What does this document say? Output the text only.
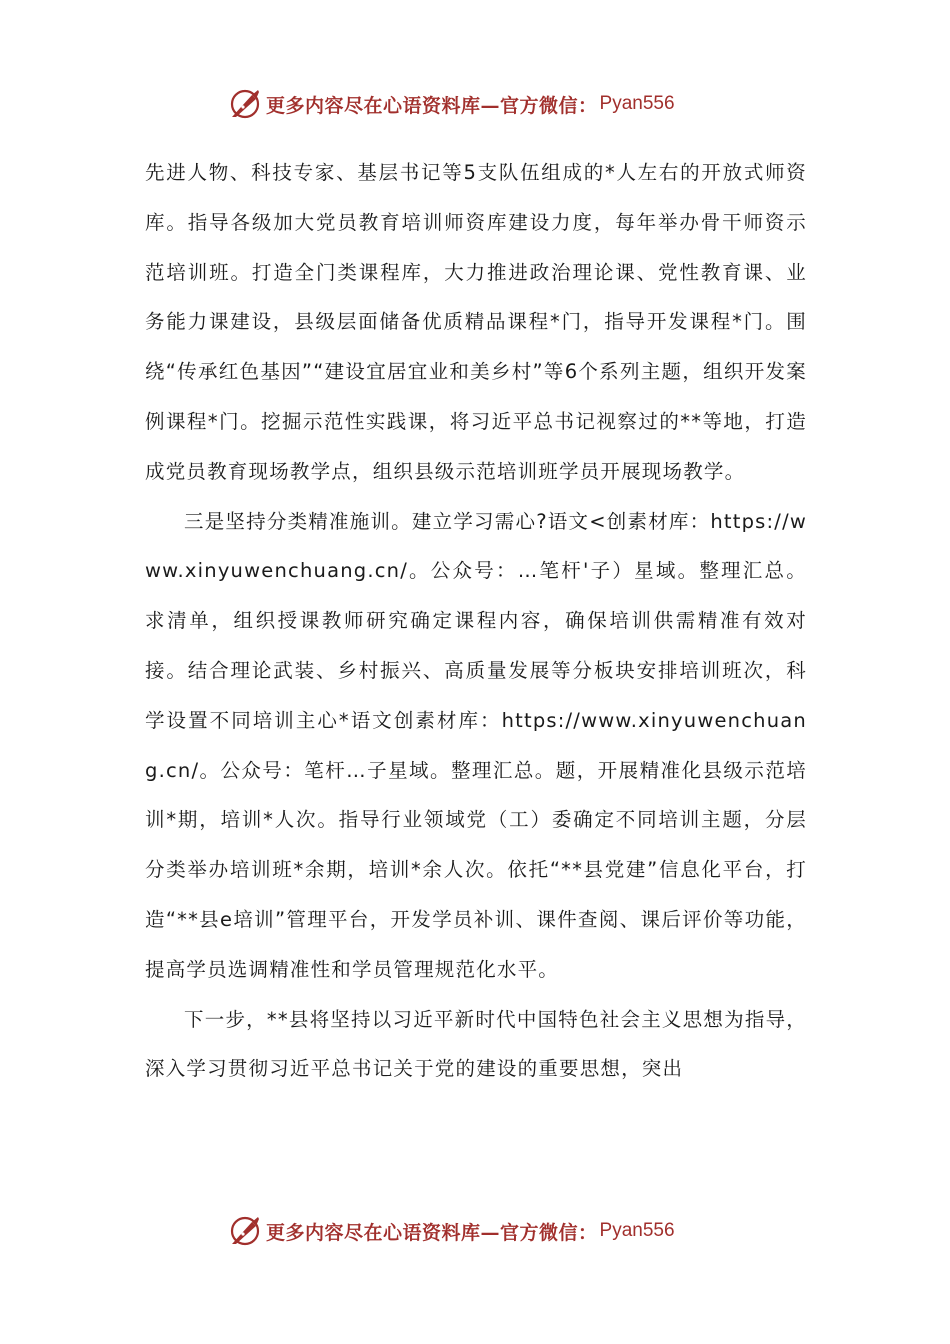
更多内容尽在心语资料库—官方微信： Pyan556

先进人物、科技专家、基层书记等5支队伍组成的*人左右的开放式师资库。指导各级加大党员教育培训师资库建设力度，每年举办骨干师资示范培训班。打造全门类课程库，大力推进政治理论课、党性教育课、业务能力课建设，县级层面储备优质精品课程*门，指导开发课程*门。围绕“传承红色基因”“建设宜居宜业和美乡村”等6个系列主题，组织开发案例课程*门。挖掘示范性实践课，将习近平总书记视察过的**等地，打造成党员教育现场教学点，组织县级示范培训班学员开展现场教学。

三是坚持分类精准施训。建立学习需心?语文<创素材库：https://www.xinyuwenchuang.cn/。公众号：…笔杆'子）星域。整理汇总。求清单，组织授课教师研究确定课程内容，确保培训供需精准有效对接。结合理论武装、乡村振兴、高质量发展等分板块安排培训班次，科学设置不同培训主心*语文创素材库：https://www.xinyuwenchuang.cn/。公众号：笔杆…子星域。整理汇总。题，开展精准化县级示范培训*期，培训*人次。指导行业领域党（工）委确定不同培训主题，分层分类举办培训班*余期，培训*余人次。依托“**县党建”信息化平台，打造“**县e培训”管理平台，开发学员补训、课件查阅、课后评价等功能，提高学员选调精准性和学员管理规范化水平。

下一步，**县将坚持以习近平新时代中国特色社会主义思想为指导，深入学习贯彻习近平总书记关于党的建设的重要思想，突出

更多内容尽在心语资料库—官方微信： Pyan556
